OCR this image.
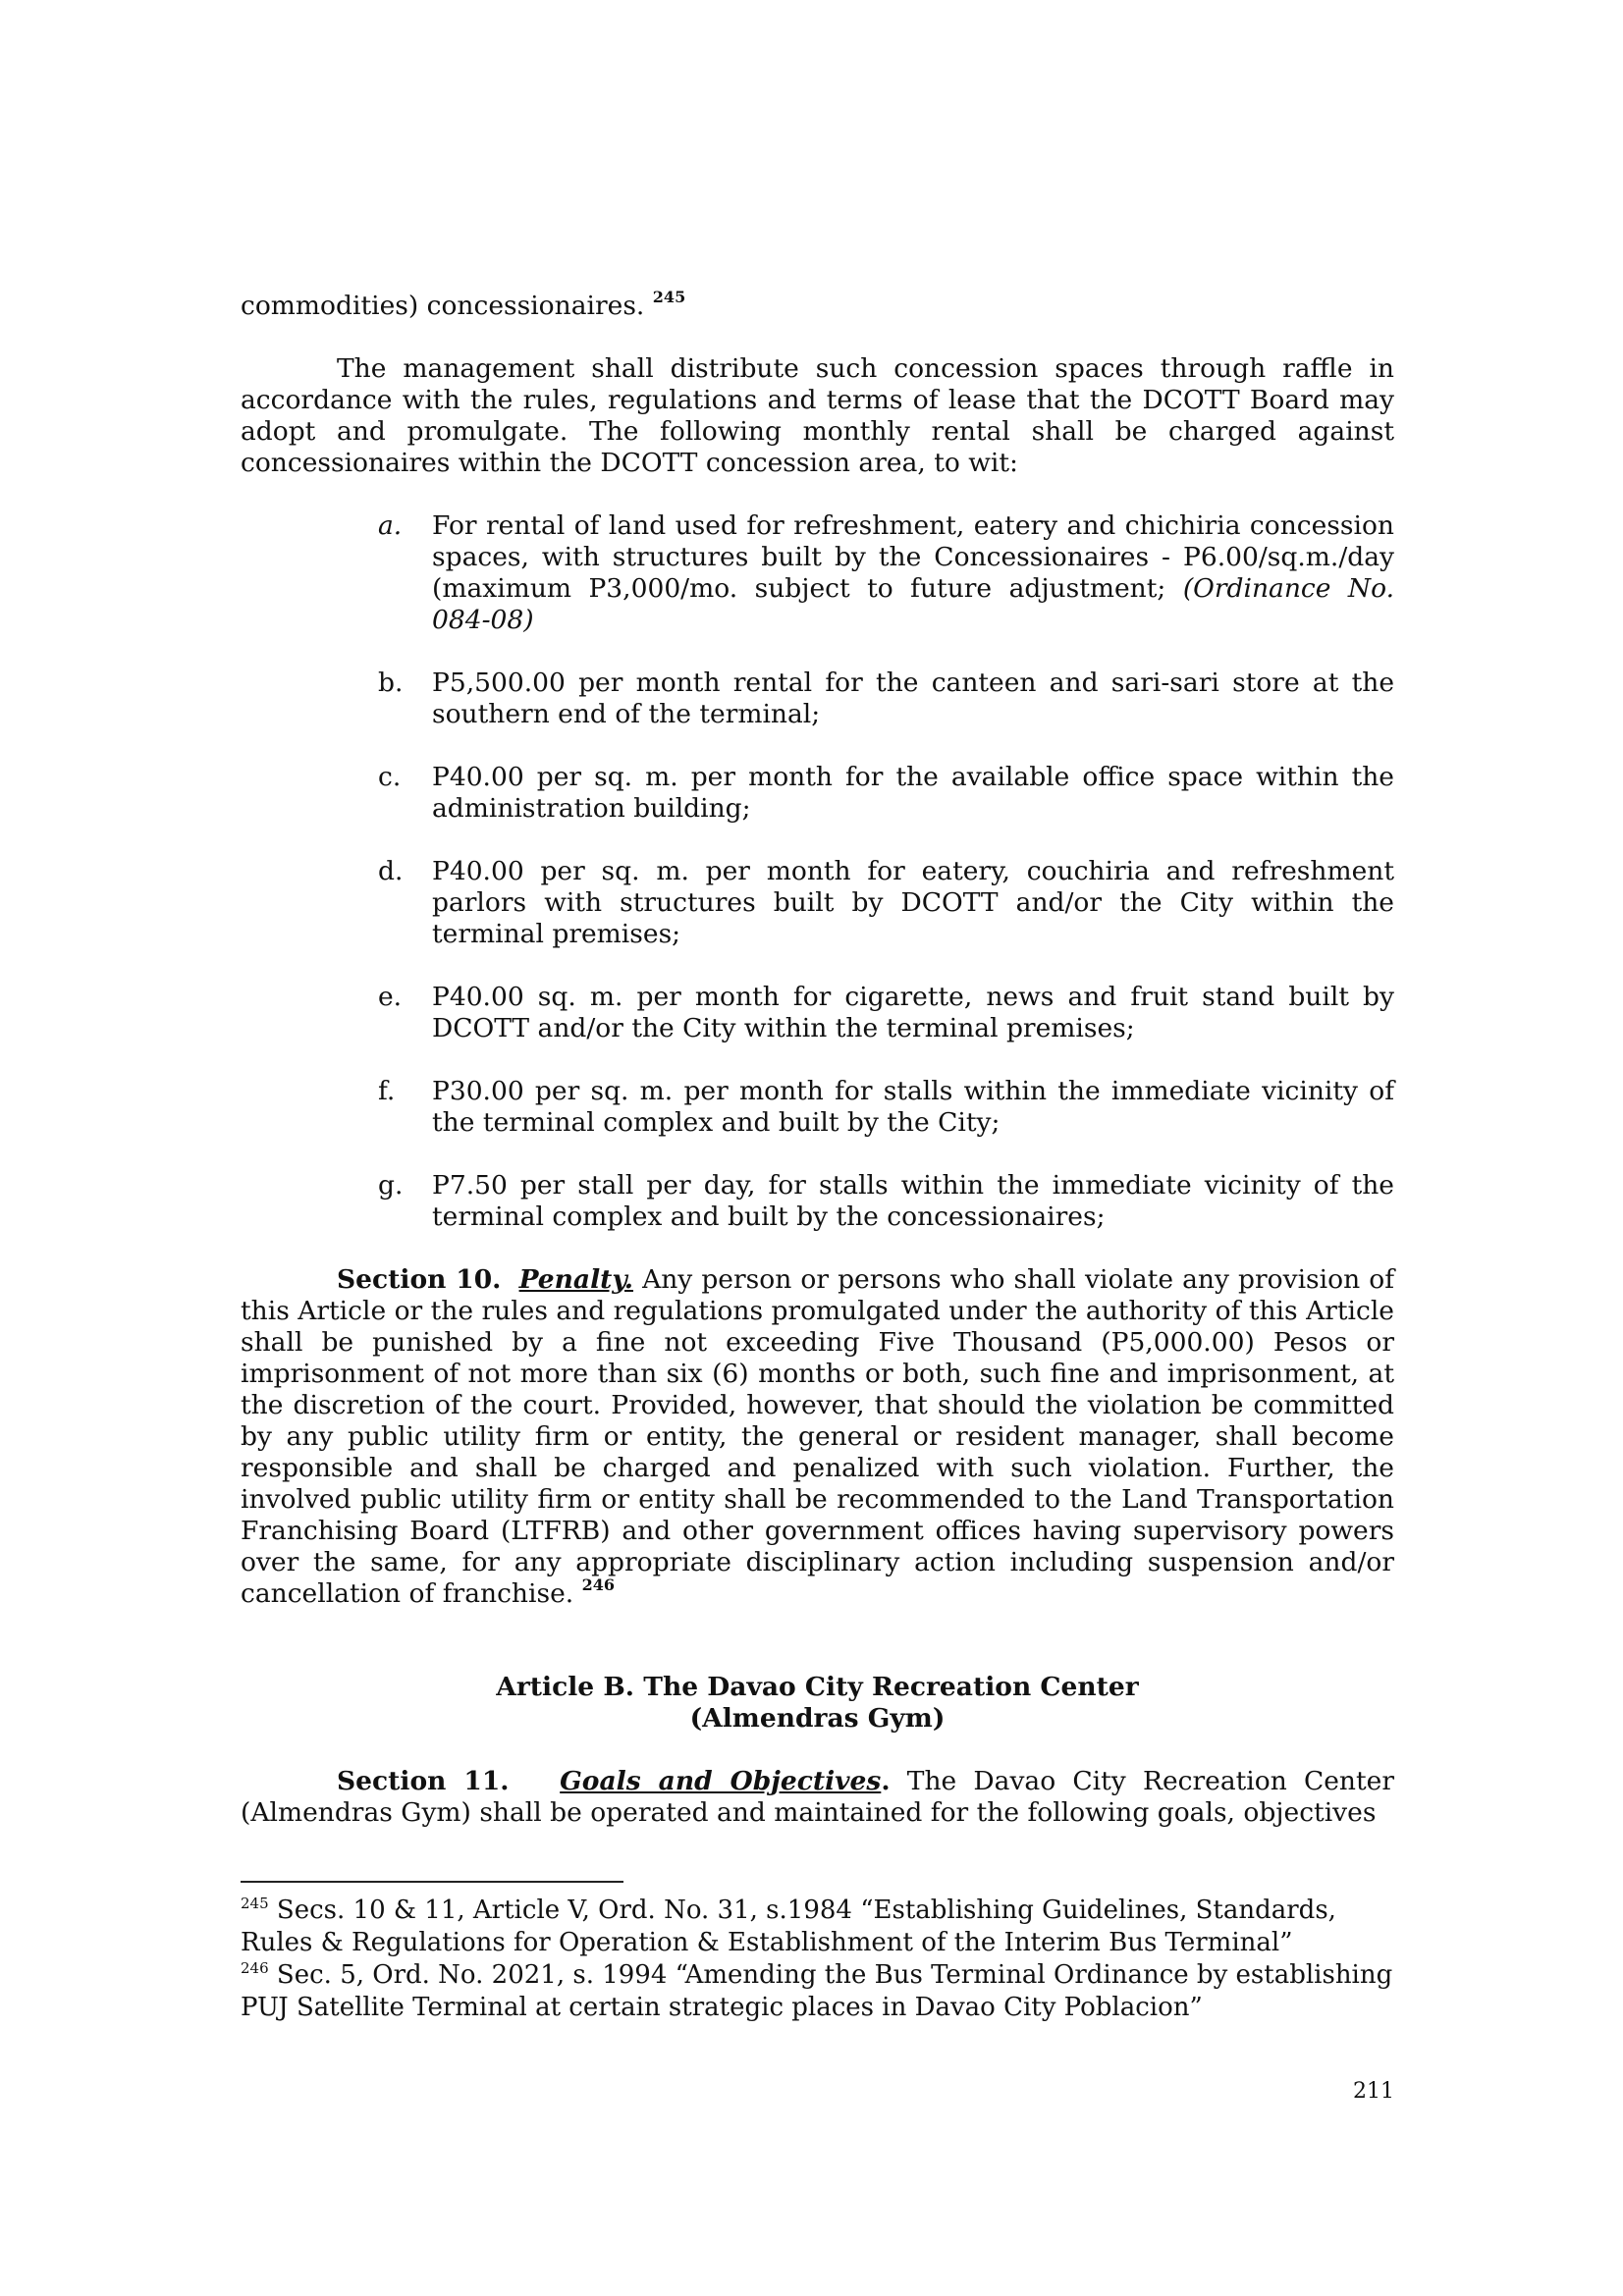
commodities) concessionaires. $^{245}$

The management shall distribute such concession spaces through raffle in accordance with the rules, regulations and terms of lease that the DCOTT Board may adopt and promulgate. The following monthly rental shall be charged against concessionaires within the DCOTT concession area, to wit:

a.	For rental of land used for refreshment, eatery and chichiria concession spaces, with structures built by the Concessionaires - P6.00/sq.m./day (maximum P3,000/mo. subject to future adjustment; (Ordinance No. 084-08)
b.	P5,500.00 per month rental for the canteen and sari-sari store at the southern end of the terminal;
c.	P40.00 per sq. m. per month for the available office space within the administration building;
d.	P40.00 per sq. m. per month for eatery, couchiria and refreshment parlors with structures built by DCOTT and/or the City within the terminal premises;
e.	P40.00 sq. m. per month for cigarette, news and fruit stand built by DCOTT and/or the City within the terminal premises;
f.	P30.00 per sq. m. per month for stalls within the immediate vicinity of the terminal complex and built by the City;
g.	P7.50 per stall per day, for stalls within the immediate vicinity of the terminal complex and built by the concessionaires;

Section 10. Penalty. Any person or persons who shall violate any provision of this Article or the rules and regulations promulgated under the authority of this Article shall be punished by a fine not exceeding Five Thousand (P5,000.00) Pesos or imprisonment of not more than six (6) months or both, such fine and imprisonment, at the discretion of the court. Provided, however, that should the violation be committed by any public utility firm or entity, the general or resident manager, shall become responsible and shall be charged and penalized with such violation. Further, the involved public utility firm or entity shall be recommended to the Land Transportation Franchising Board (LTFRB) and other government offices having supervisory powers over the same, for any appropriate disciplinary action including suspension and/or cancellation of franchise. $^{246}$

Article B. The Davao City Recreation Center

(Almendras Gym)

Section 11. Goals and Objectives. The Davao City Recreation Center (Almendras Gym) shall be operated and maintained for the following goals, objectives

$^{245}$ Secs. 10 & 11, Article V, Ord. No. 31, s.1984 “Establishing Guidelines, Standards, Rules & Regulations for Operation & Establishment of the Interim Bus Terminal”
$^{246}$ Sec. 5, Ord. No. 2021, s. 1994 “Amending the Bus Terminal Ordinance by establishing PUJ Satellite Terminal at certain strategic places in Davao City Poblacion”
211
